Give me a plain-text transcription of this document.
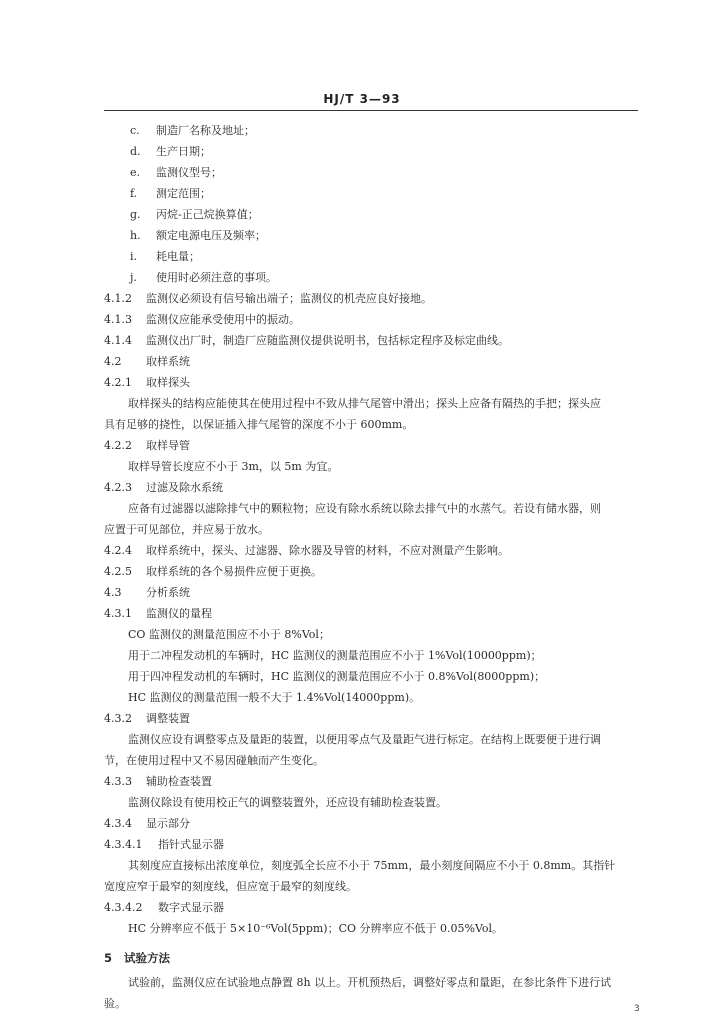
HJ/T 3—93
c. 制造厂名称及地址；
d. 生产日期；
e. 监测仪型号；
f. 测定范围；
g. 丙烷-正己烷换算值；
h. 额定电源电压及频率；
i. 耗电量；
j. 使用时必须注意的事项。
4.1.2 监测仪必须设有信号输出端子；监测仪的机壳应良好接地。
4.1.3 监测仪应能承受使用中的振动。
4.1.4 监测仪出厂时，制造厂应随监测仪提供说明书，包括标定程序及标定曲线。
4.2 取样系统
4.2.1 取样探头
取样探头的结构应能使其在使用过程中不致从排气尾管中滑出；探头上应备有隔热的手把；探头应
具有足够的挠性，以保证插入排气尾管的深度不小于 600mm。
4.2.2 取样导管
取样导管长度应不小于 3m，以 5m 为宜。
4.2.3 过滤及除水系统
应备有过滤器以滤除排气中的颗粒物；应设有除水系统以除去排气中的水蒸气。若设有储水器，则
应置于可见部位，并应易于放水。
4.2.4 取样系统中，探头、过滤器、除水器及导管的材料，不应对测量产生影响。
4.2.5 取样系统的各个易损件应便于更换。
4.3 分析系统
4.3.1 监测仪的量程
CO 监测仪的测量范围应不小于 8%Vol；
用于二冲程发动机的车辆时，HC 监测仪的测量范围应不小于 1%Vol(10000ppm)；
用于四冲程发动机的车辆时，HC 监测仪的测量范围应不小于 0.8%Vol(8000ppm)；
HC 监测仪的测量范围一般不大于 1.4%Vol(14000ppm)。
4.3.2 调整装置
监测仪应设有调整零点及量距的装置，以便用零点气及量距气进行标定。在结构上既要便于进行调
节，在使用过程中又不易因碰触而产生变化。
4.3.3 辅助检查装置
监测仪除设有使用校正气的调整装置外，还应设有辅助检查装置。
4.3.4 显示部分
4.3.4.1 指针式显示器
其刻度应直接标出浓度单位，刻度弧全长应不小于 75mm，最小刻度间隔应不小于 0.8mm。其指针
宽度应窄于最窄的刻度线，但应宽于最窄的刻度线。
4.3.4.2 数字式显示器
HC 分辨率应不低于 5×10⁻⁶Vol(5ppm)；CO 分辨率应不低于 0.05%Vol。
5 试验方法
试验前，监测仪应在试验地点静置 8h 以上。开机预热后，调整好零点和量距，在参比条件下进行试
验。	3
